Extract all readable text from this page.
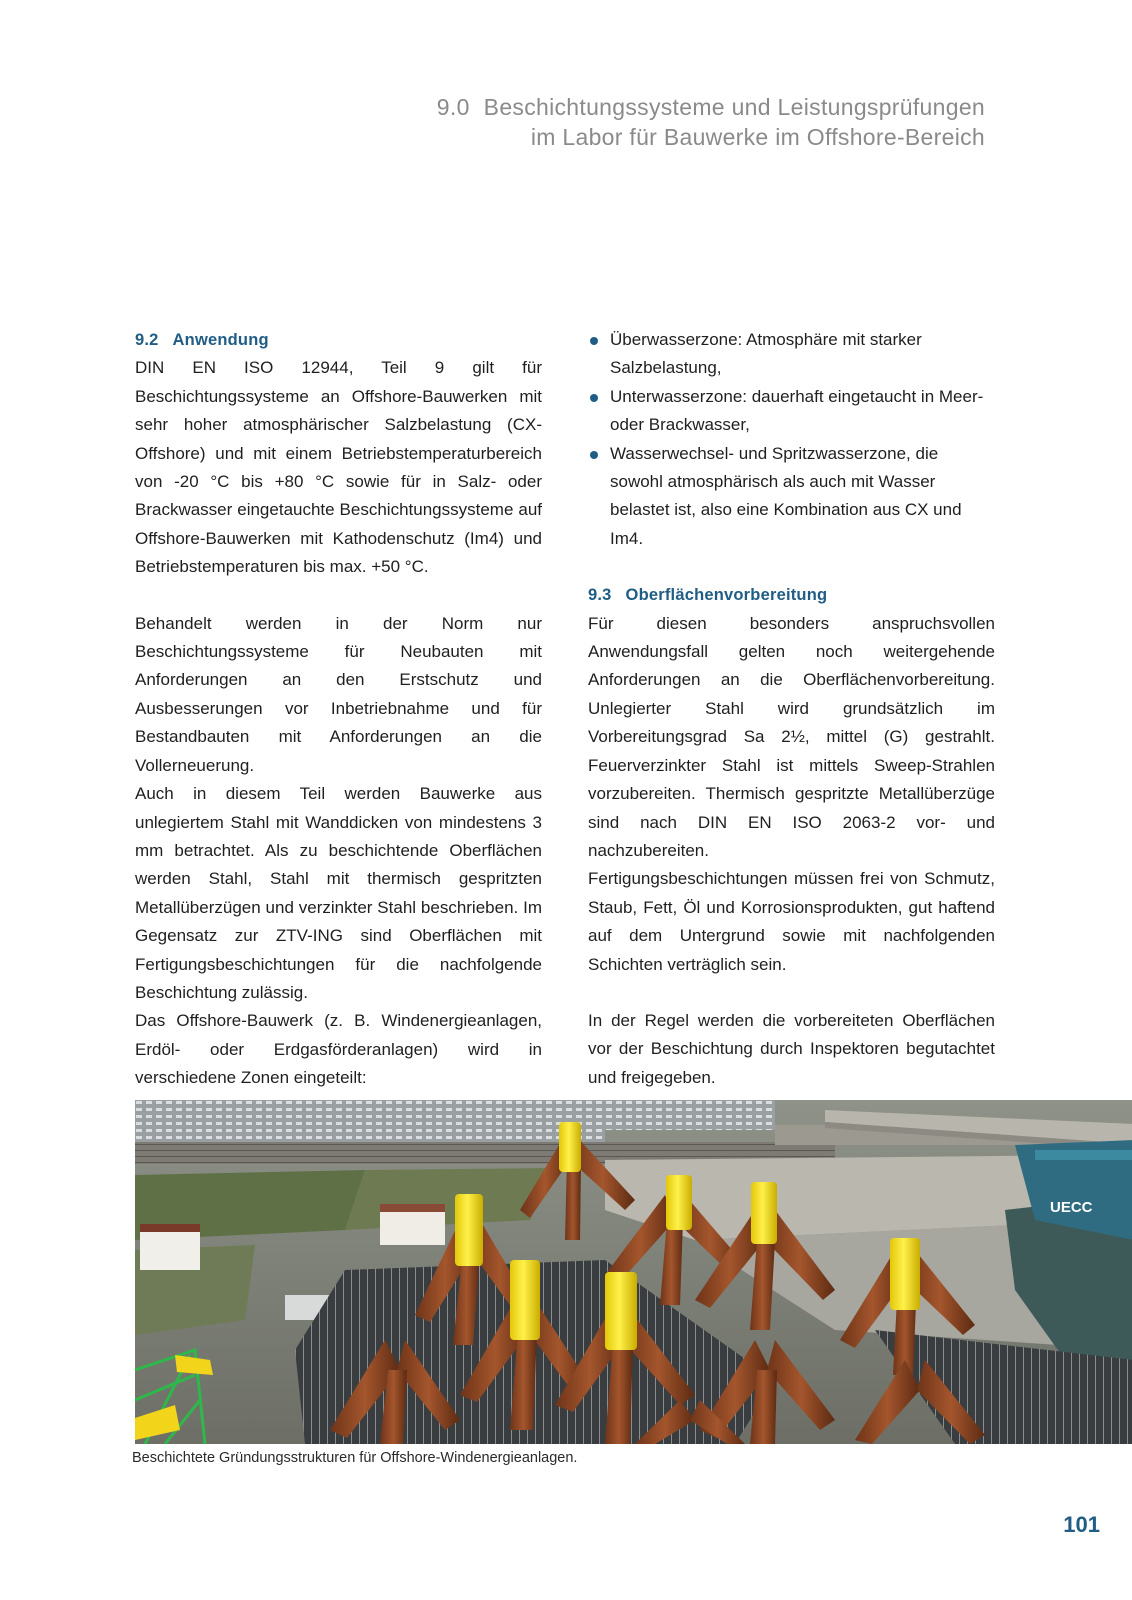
9.0 Beschichtungssysteme und Leistungsprüfungen
im Labor für Bauwerke im Offshore-Bereich
9.2 Anwendung

DIN EN ISO 12944, Teil 9 gilt für Beschichtungssysteme an Offshore-Bauwerken mit sehr hoher atmosphärischer Salzbelastung (CX-Offshore) und mit einem Betriebstemperaturbereich von -20 °C bis +80 °C sowie für in Salz- oder Brackwasser eingetauchte Beschichtungssysteme auf Offshore-Bauwerken mit Kathodenschutz (Im4) und Betriebstemperaturen bis max. +50 °C.

Behandelt werden in der Norm nur Beschichtungssysteme für Neubauten mit Anforderungen an den Erstschutz und Ausbesserungen vor Inbetriebnahme und für Bestandbauten mit Anforderungen an die Vollerneuerung.

Auch in diesem Teil werden Bauwerke aus unlegiertem Stahl mit Wanddicken von mindestens 3 mm betrachtet. Als zu beschichtende Oberflächen werden Stahl, Stahl mit thermisch gespritzten Metallüberzügen und verzinkter Stahl beschrieben. Im Gegensatz zur ZTV-ING sind Oberflächen mit Fertigungsbeschichtungen für die nachfolgende Beschichtung zulässig.

Das Offshore-Bauwerk (z. B. Windenergieanlagen, Erdöl- oder Erdgasförderanlagen) wird in verschiedene Zonen eingeteilt:

Überwasserzone: Atmosphäre mit starker Salzbelastung,
Unterwasserzone: dauerhaft eingetaucht in Meer- oder Brackwasser,
Wasserwechsel- und Spritzwasserzone, die sowohl atmosphärisch als auch mit Wasser belastet ist, also eine Kombination aus CX und Im4.
9.3 Oberflächenvorbereitung

Für diesen besonders anspruchsvollen Anwendungsfall gelten noch weitergehende Anforderungen an die Oberflächenvorbereitung. Unlegierter Stahl wird grundsätzlich im Vorbereitungsgrad Sa 2½, mittel (G) gestrahlt. Feuerverzinkter Stahl ist mittels Sweep-Strahlen vorzubereiten. Thermisch gespritzte Metallüberzüge sind nach DIN EN ISO 2063-2 vor- und nachzubereiten.

Fertigungsbeschichtungen müssen frei von Schmutz, Staub, Fett, Öl und Korrosionsprodukten, gut haftend auf dem Untergrund sowie mit nachfolgenden Schichten verträglich sein.

In der Regel werden die vorbereiteten Oberflächen vor der Beschichtung durch Inspektoren begutachtet und freigegeben.

UECC
Beschichtete Gründungsstrukturen für Offshore-Windenergieanlagen.
101
